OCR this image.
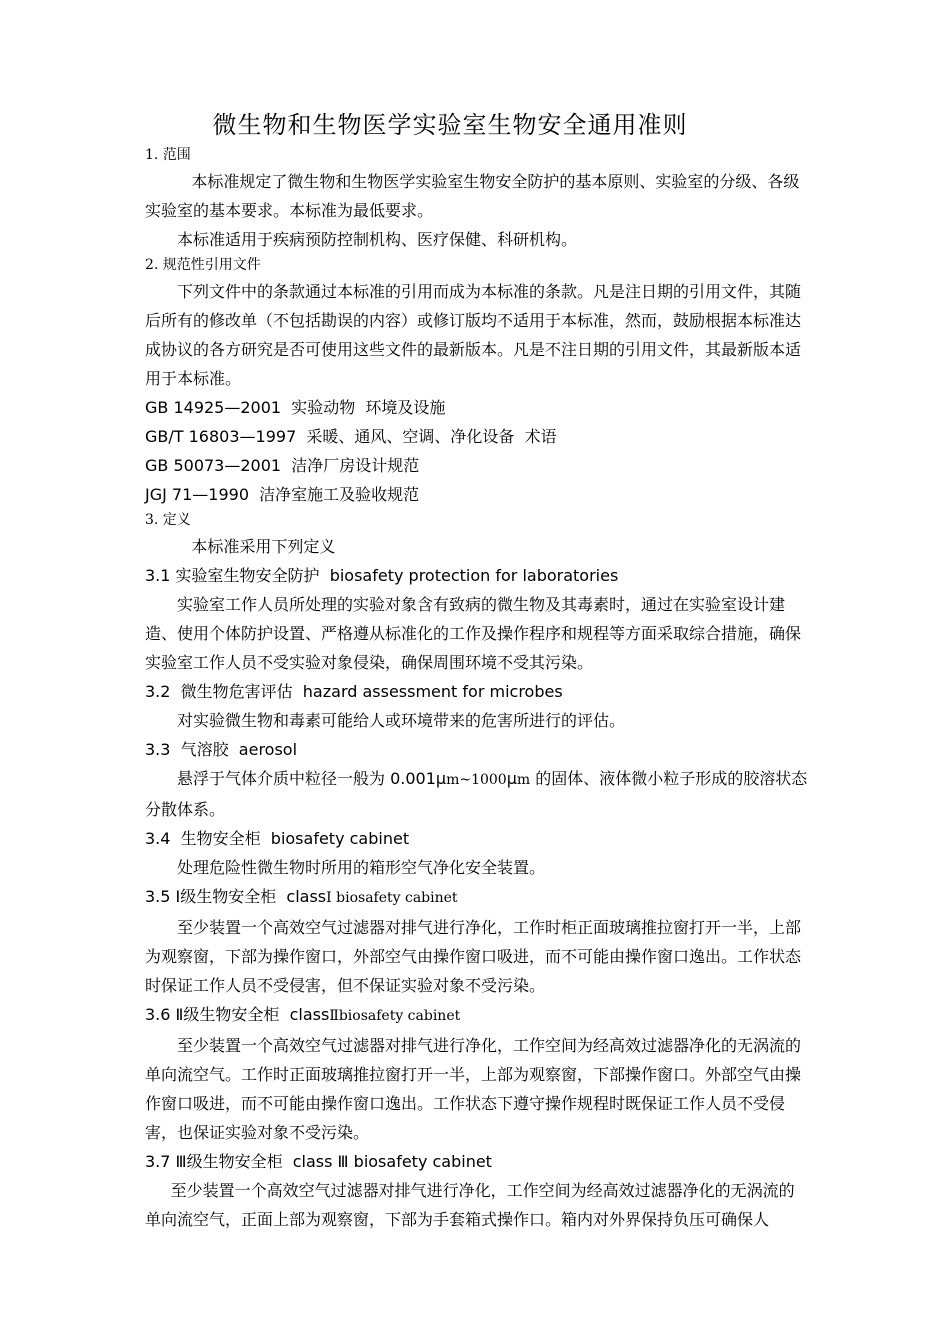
微生物和生物医学实验室生物安全通用准则

1. 范围

本标准规定了微生物和生物医学实验室生物安全防护的基本原则、实验室的分级、各级实验室的基本要求。本标准为最低要求。

本标准适用于疾病预防控制机构、医疗保健、科研机构。

2. 规范性引用文件

下列文件中的条款通过本标准的引用而成为本标准的条款。凡是注日期的引用文件，其随后所有的修改单（不包括勘误的内容）或修订版均不适用于本标准，然而，鼓励根据本标准达成协议的各方研究是否可使用这些文件的最新版本。凡是不注日期的引用文件，其最新版本适用于本标准。

GB 14925—2001  实验动物  环境及设施

GB/T 16803—1997  采暖、通风、空调、净化设备  术语

GB 50073—2001  洁净厂房设计规范

JGJ 71—1990  洁净室施工及验收规范

3. 定义

本标准采用下列定义

3.1 实验室生物安全防护  biosafety protection for laboratories

实验室工作人员所处理的实验对象含有致病的微生物及其毒素时，通过在实验室设计建造、使用个体防护设置、严格遵从标准化的工作及操作程序和规程等方面采取综合措施，确保实验室工作人员不受实验对象侵染，确保周围环境不受其污染。

3.2  微生物危害评估  hazard assessment for microbes

对实验微生物和毒素可能给人或环境带来的危害所进行的评估。

3.3  气溶胶  aerosol

悬浮于气体介质中粒径一般为 0.001μm~1000μm 的固体、液体微小粒子形成的胶溶状态分散体系。

3.4  生物安全柜  biosafety cabinet

处理危险性微生物时所用的箱形空气净化安全装置。

3.5 Ⅰ级生物安全柜  classⅠ biosafety cabinet

至少装置一个高效空气过滤器对排气进行净化，工作时柜正面玻璃推拉窗打开一半，上部为观察窗，下部为操作窗口，外部空气由操作窗口吸进，而不可能由操作窗口逸出。工作状态时保证工作人员不受侵害，但不保证实验对象不受污染。

3.6 Ⅱ级生物安全柜  classⅡbiosafety cabinet

至少装置一个高效空气过滤器对排气进行净化，工作空间为经高效过滤器净化的无涡流的单向流空气。工作时正面玻璃推拉窗打开一半，上部为观察窗，下部操作窗口。外部空气由操作窗口吸进，而不可能由操作窗口逸出。工作状态下遵守操作规程时既保证工作人员不受侵害，也保证实验对象不受污染。

3.7 Ⅲ级生物安全柜  class Ⅲ biosafety cabinet

至少装置一个高效空气过滤器对排气进行净化，工作空间为经高效过滤器净化的无涡流的单向流空气，正面上部为观察窗，下部为手套箱式操作口。箱内对外界保持负压可确保人
